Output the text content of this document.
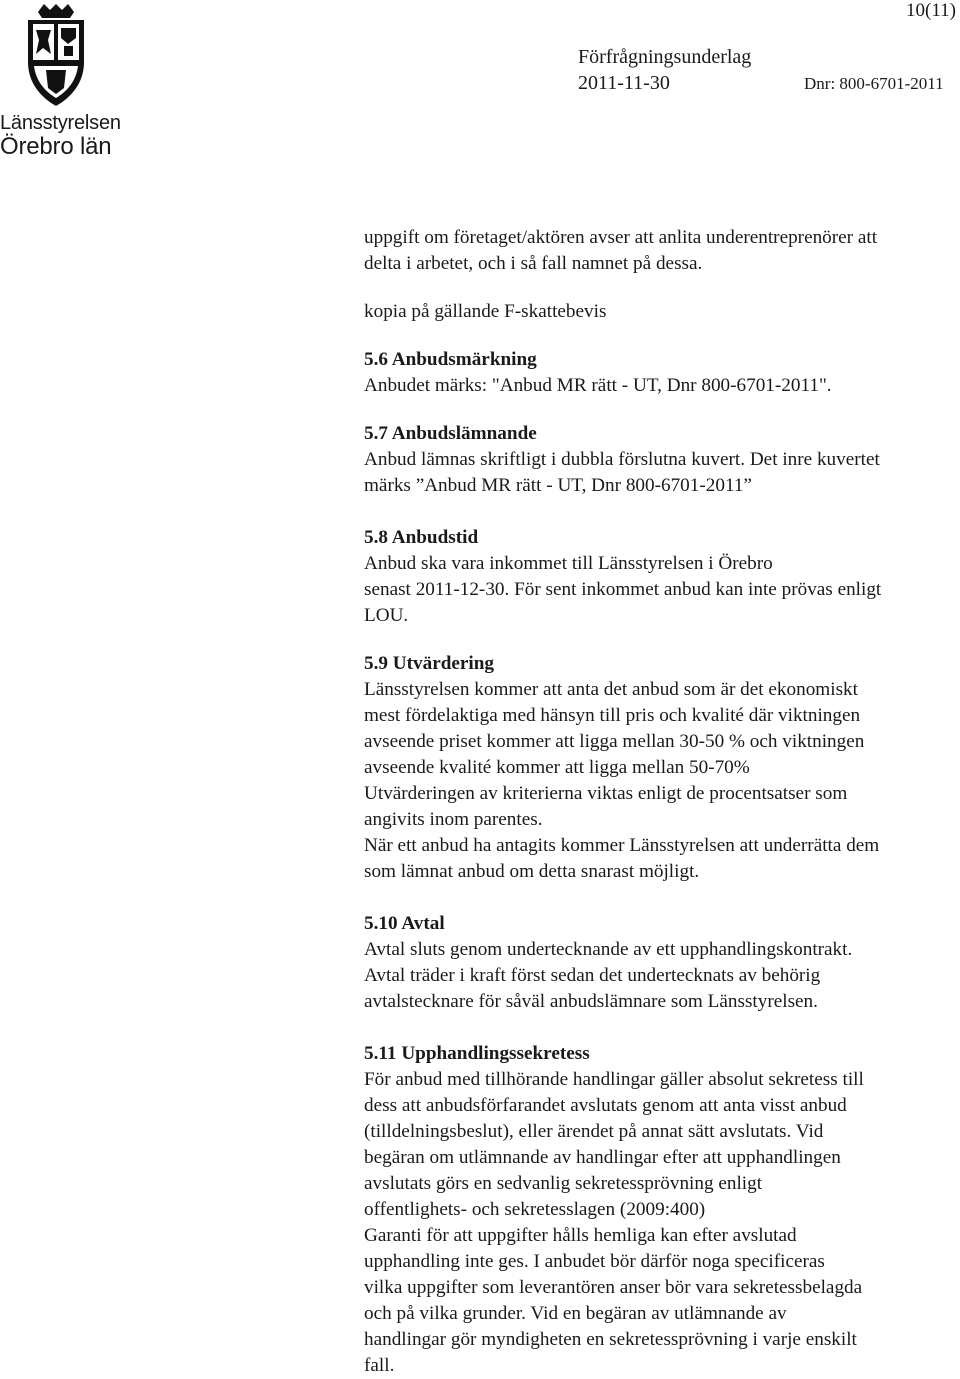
10(11)
Länsstyrelsen
Örebro län
Förfrågningsunderlag
2011-11-30	Dnr: 800-6701-2011

uppgift om företaget/aktören avser att anlita underentreprenörer att

delta i arbetet, och i så fall namnet på dessa.

kopia på gällande F-skattebevis

5.6 Anbudsmärkning

Anbudet märks: "Anbud MR rätt - UT, Dnr 800-6701-2011".

5.7 Anbudslämnande

Anbud lämnas skriftligt i dubbla förslutna kuvert. Det inre kuvertet

märks ”Anbud MR rätt - UT, Dnr 800-6701-2011”

5.8 Anbudstid

Anbud ska vara inkommet till Länsstyrelsen i Örebro

senast 2011-12-30. För sent inkommet anbud kan inte prövas enligt

LOU.

5.9 Utvärdering

Länsstyrelsen kommer att anta det anbud som är det ekonomiskt

mest fördelaktiga med hänsyn till pris och kvalité där viktningen

avseende priset kommer att ligga mellan 30-50 % och viktningen

avseende kvalité kommer att ligga mellan 50-70%

Utvärderingen av kriterierna viktas enligt de procentsatser som

angivits inom parentes.

När ett anbud ha antagits kommer Länsstyrelsen att underrätta dem

som lämnat anbud om detta snarast möjligt.

5.10 Avtal

Avtal sluts genom undertecknande av ett upphandlingskontrakt.

Avtal träder i kraft först sedan det undertecknats av behörig

avtalstecknare för såväl anbudslämnare som Länsstyrelsen.

5.11 Upphandlingssekretess

För anbud med tillhörande handlingar gäller absolut sekretess till

dess att anbudsförfarandet avslutats genom att anta visst anbud

(tilldelningsbeslut), eller ärendet på annat sätt avslutats. Vid

begäran om utlämnande av handlingar efter att upphandlingen

avslutats görs en sedvanlig sekretessprövning enligt

offentlighets- och sekretesslagen (2009:400)

Garanti för att uppgifter hålls hemliga kan efter avslutad

upphandling inte ges. I anbudet bör därför noga specificeras

vilka uppgifter som leverantören anser bör vara sekretessbelagda

och på vilka grunder. Vid en begäran av utlämnande av

handlingar gör myndigheten en sekretessprövning i varje enskilt

fall.
